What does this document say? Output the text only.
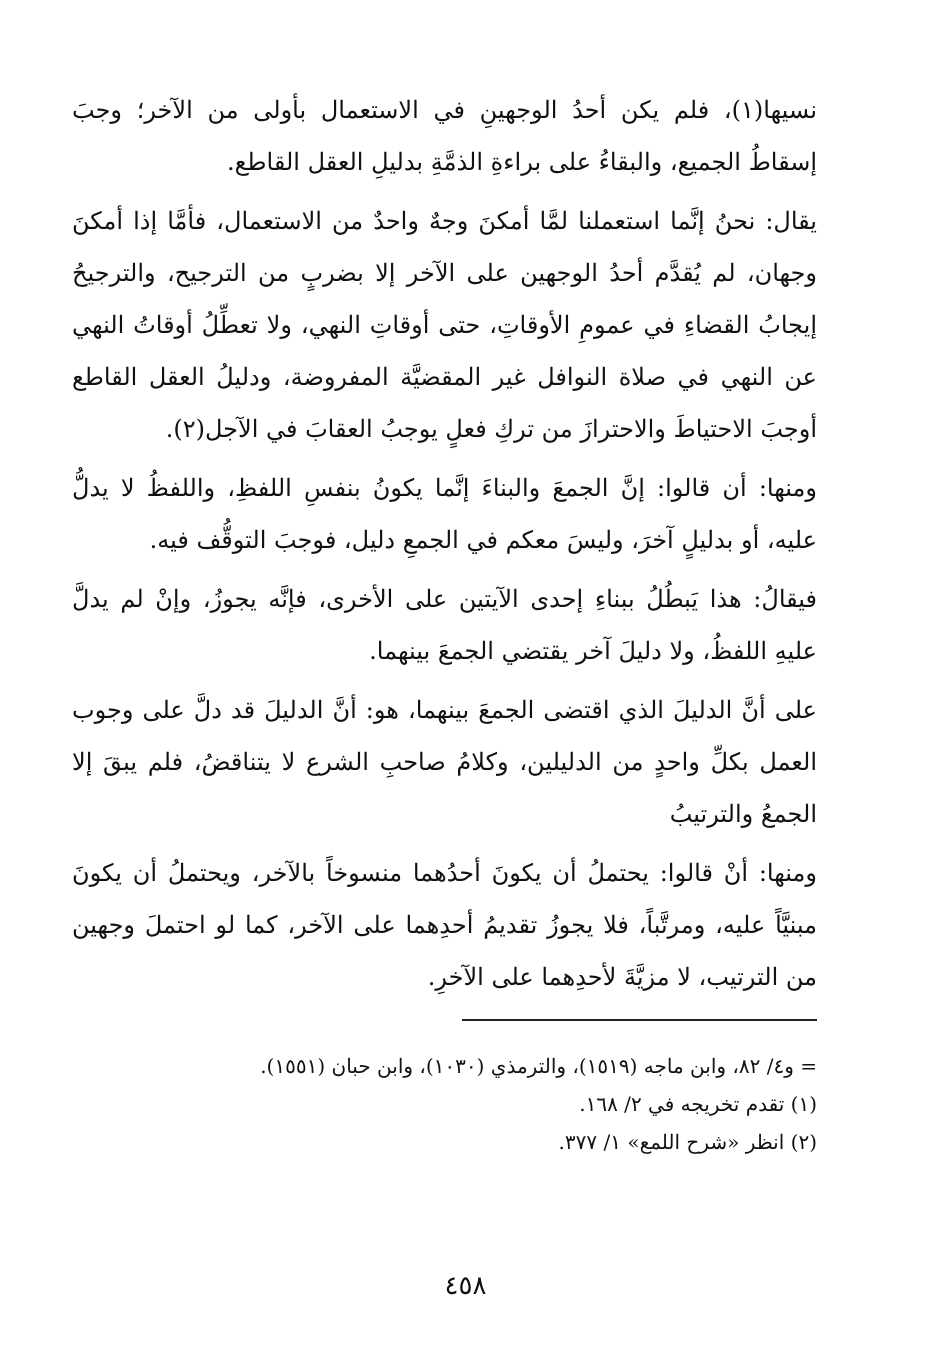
نسيها(١)، فلم يكن أحدُ الوجهينِ في الاستعمال بأولى من الآخر؛ وجبَ إسقاطُ الجميع، والبقاءُ على براءةِ الذمَّةِ بدليلِ العقل القاطع.

يقال: نحنُ إنَّما استعملنا لمَّا أمكنَ وجهٌ واحدٌ من الاستعمال، فأمَّا إذا أمكنَ وجهان، لم يُقدَّم أحدُ الوجهين على الآخر إلا بضربٍ من الترجيح، والترجيحُ إيجابُ القضاءِ في عمومِ الأوقاتِ، حتى أوقاتِ النهي، ولا تعطِّلُ أوقاتُ النهي عن النهي في صلاة النوافل غير المقضيَّة المفروضة، ودليلُ العقل القاطع أوجبَ الاحتياطَ والاحترازَ من تركِ فعلٍ يوجبُ العقابَ في الآجل(٢).

ومنها: أن قالوا: إنَّ الجمعَ والبناءَ إنَّما يكونُ بنفسِ اللفظِ، واللفظُ لا يدلُّ عليه، أو بدليلٍ آخرَ، وليسَ معكم في الجمعِ دليل، فوجبَ التوقُّف فيه.

فيقالُ: هذا يَبطُلُ ببناءِ إحدى الآيتين على الأخرى، فإنَّه يجوزُ، وإنْ لم يدلَّ عليهِ اللفظُ، ولا دليلَ آخر يقتضي الجمعَ بينهما.

على أنَّ الدليلَ الذي اقتضى الجمعَ بينهما، هو: أنَّ الدليلَ قد دلَّ على وجوب العمل بكلِّ واحدٍ من الدليلين، وكلامُ صاحبِ الشرع لا يتناقضُ، فلم يبقَ إلا الجمعُ والترتيبُ

ومنها: أنْ قالوا: يحتملُ أن يكونَ أحدُهما منسوخاً بالآخر، ويحتملُ أن يكونَ مبنيَّاً عليه، ومرتَّباً، فلا يجوزُ تقديمُ أحدِهما على الآخر، كما لو احتملَ وجهين من الترتيب، لا مزيَّةَ لأحدِهما على الآخرِ.

= و٤/ ٨٢، وابن ماجه (١٥١٩)، والترمذي (١٠٣٠)، وابن حبان (١٥٥١).

(١) تقدم تخريجه في ٢/ ١٦٨.

(٢) انظر «شرح اللمع» ١/ ٣٧٧.

٤٥٨
